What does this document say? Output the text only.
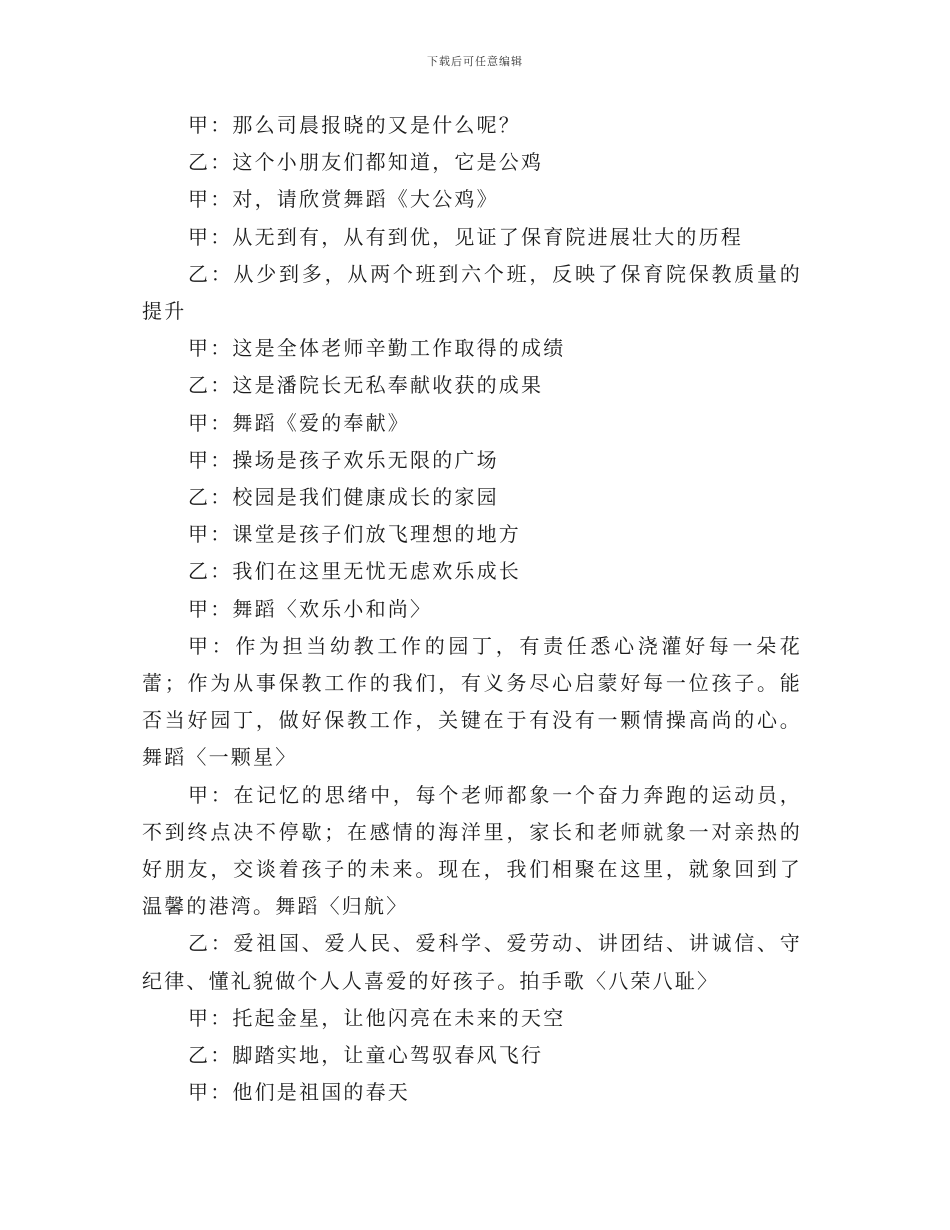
下载后可任意编辑

甲：那么司晨报晓的又是什么呢？

乙：这个小朋友们都知道，它是公鸡

甲：对，请欣赏舞蹈《大公鸡》

甲：从无到有，从有到优，见证了保育院进展壮大的历程

乙：从少到多，从两个班到六个班，反映了保育院保教质量的提升

甲：这是全体老师辛勤工作取得的成绩

乙：这是潘院长无私奉献收获的成果

甲：舞蹈《爱的奉献》

甲：操场是孩子欢乐无限的广场

乙：校园是我们健康成长的家园

甲：课堂是孩子们放飞理想的地方

乙：我们在这里无忧无虑欢乐成长

甲：舞蹈〈欢乐小和尚〉

甲：作为担当幼教工作的园丁，有责任悉心浇灌好每一朵花蕾；作为从事保教工作的我们，有义务尽心启蒙好每一位孩子。能否当好园丁，做好保教工作，关键在于有没有一颗情操高尚的心。舞蹈〈一颗星〉

甲：在记忆的思绪中，每个老师都象一个奋力奔跑的运动员，不到终点决不停歇；在感情的海洋里，家长和老师就象一对亲热的好朋友，交谈着孩子的未来。现在，我们相聚在这里，就象回到了温馨的港湾。舞蹈〈归航〉

乙：爱祖国、爱人民、爱科学、爱劳动、讲团结、讲诚信、守纪律、懂礼貌做个人人喜爱的好孩子。拍手歌〈八荣八耻〉

甲：托起金星，让他闪亮在未来的天空

乙：脚踏实地，让童心驾驭春风飞行

甲：他们是祖国的春天
